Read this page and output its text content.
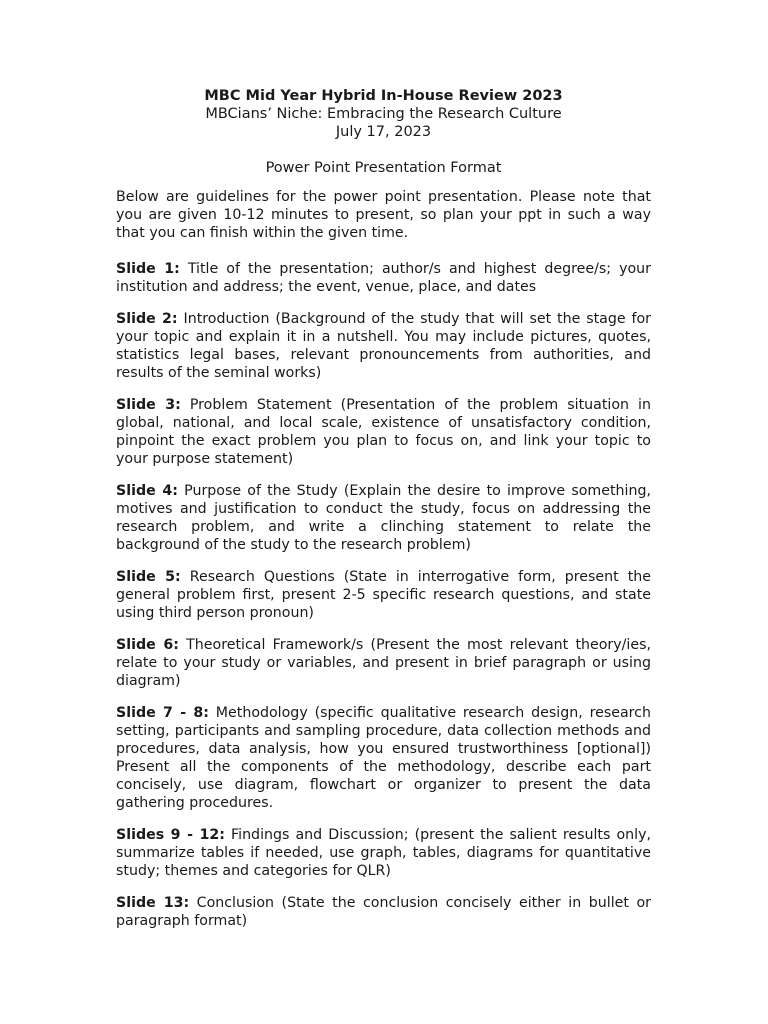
MBC Mid Year Hybrid In-House Review 2023
MBCians’ Niche: Embracing the Research Culture
July 17, 2023
Power Point Presentation Format

Below are guidelines for the power point presentation. Please note that you are given 10-12 minutes to present, so plan your ppt in such a way that you can finish within the given time.

Slide 1: Title of the presentation; author/s and highest degree/s; your institution and address; the event, venue, place, and dates

Slide 2: Introduction (Background of the study that will set the stage for your topic and explain it in a nutshell. You may include pictures, quotes, statistics legal bases, relevant pronouncements from authorities, and results of the seminal works)

Slide 3: Problem Statement (Presentation of the problem situation in global, national, and local scale, existence of unsatisfactory condition, pinpoint the exact problem you plan to focus on, and link your topic to your purpose statement)

Slide 4: Purpose of the Study (Explain the desire to improve something, motives and justification to conduct the study, focus on addressing the research problem, and write a clinching statement to relate the background of the study to the research problem)

Slide 5: Research Questions (State in interrogative form, present the general problem first, present 2-5 specific research questions, and state using third person pronoun)

Slide 6: Theoretical Framework/s (Present the most relevant theory/ies, relate to your study or variables, and present in brief paragraph or using diagram)

Slide 7 - 8: Methodology (specific qualitative research design, research setting, participants and sampling procedure, data collection methods and procedures, data analysis, how you ensured trustworthiness [optional]) Present all the components of the methodology, describe each part concisely, use diagram, flowchart or organizer to present the data gathering procedures.

Slides 9 - 12: Findings and Discussion; (present the salient results only, summarize tables if needed, use graph, tables, diagrams for quantitative study; themes and categories for QLR)

Slide 13: Conclusion (State the conclusion concisely either in bullet or paragraph format)
